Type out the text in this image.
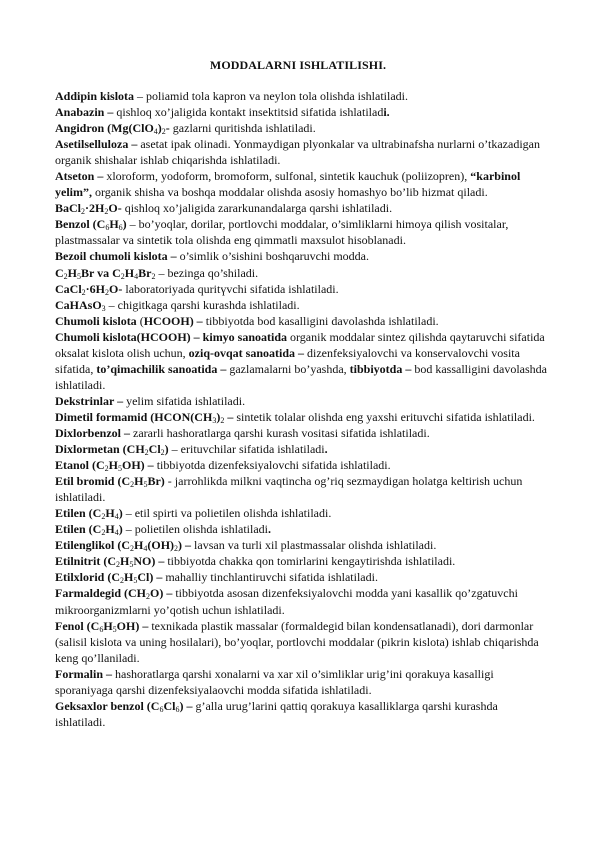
MODDALARNI ISHLATILISHI.

Addipin kislota – poliamid tola kapron va neylon tola olishda ishlatiladi.

Anabazin – qishloq xo’jaligida kontakt insektitsid sifatida ishlatiladi.

Angidron ($Mg(ClO_4)_2-$ gazlarni quritishda ishlatiladi.

Asetilselluloza – asetat ipak olinadi. Yonmaydigan plyonkalar va ultrabinafsha nurlarni o’tkazadigan organik shishalar ishlab chiqarishda ishlatiladi.

Atseton – xloroform, yodoform, bromoform, sulfonal, sintetik kauchuk (poliizopren), “karbinol yelim”, organik shisha va boshqa moddalar olishda asosiy homashyo bo’lib hizmat qiladi.

$BaCl_2\cdot 2H_2O-$ qishloq xo’jaligida zararkunandalarga qarshi ishlatiladi.

Benzol $(C_6H_6)$ – bo’yoqlar, dorilar, portlovchi moddalar, o’simliklarni himoya qilish vositalar, plastmassalar va sintetik tola olishda eng qimmatli maxsulot hisoblanadi.

Bezoil chumoli kislota – o’simlik o’sishini boshqaruvchi modda.

$C_2H_5Br$ va $C_2H_4Br_2$ – bezinga qo’shiladi.

$CaCl_2\cdot 6H_2O-$ laboratoriyada quritүvchi sifatida ishlatiladi.

CaHAsO$_3$ – chigitkaga qarshi kurashda ishlatiladi.

Chumoli kislota (HCOOH) – tibbiyotda bod kasalligini davolashda ishlatiladi.

Chumoli kislota(HCOOH) – kimyo sanoatida organik moddalar sintez qilishda qaytaruvchi sifatida oksalat kislota olish uchun, oziq-ovqat sanoatida – dizenfeksiyalovchi va konservalovchi vosita sifatida, to’qimachilik sanoatida – gazlamalarni bo’yashda, tibbiyotda – bod kassalligini davolashda ishlatiladi.

Dekstrinlar – yelim sifatida ishlatiladi.

Dimetil formamid ($HCON(CH_3)_2$ – sintetik tolalar olishda eng yaxshi erituvchi sifatida ishlatiladi.

Dixlorbenzol – zararli hashoratlarga qarshi kurash vositasi sifatida ishlatiladi.

Dixlormetan $(CH_2Cl_2)$ – erituvchilar sifatida ishlatiladi.

Etanol $(C_2H_5OH)$ – tibbiyotda dizenfeksiyalovchi sifatida ishlatiladi.

Etil bromid $(C_2H_5Br)$ - jarrohlikda milkni vaqtincha og’riq sezmaydigan holatga keltirish uchun ishlatiladi.

Etilen $(C_2H_4)$ – etil spirti va polietilen olishda ishlatiladi.

Etilen $(C_2H_4)$ – polietilen olishda ishlatiladi.

Etilenglikol $(C_2H_4(OH)_2)$ – lavsan va turli xil plastmassalar olishda ishlatiladi.

Etilnitrit $(C_2H_5NO)$ – tibbiyotda chakka qon tomirlarini kengaytirishda ishlatiladi.

Etilxlorid $(C_2H_5Cl)$ – mahalliy tinchlantiruvchi sifatida ishlatiladi.

Farmaldegid $(CH_2O)$ – tibbiyotda asosan dizenfeksiyalovchi modda yani kasallik qo’zgatuvchi mikroorganizmlarni yo’qotish uchun ishlatiladi.

Fenol $(C_6H_5OH)$ – texnikada plastik massalar (formaldegid bilan kondensatlanadi), dori darmonlar (salisil kislota va uning hosilalari), bo’yoqlar, portlovchi moddalar (pikrin kislota) ishlab chiqarishda keng qo’llaniladi.

Formalin – hashoratlarga qarshi xonalarni va xar xil o’simliklar urig’ini qorakuya kasalligi sporaniyaga qarshi dizenfeksiyalaovchi modda sifatida ishlatiladi.

Geksaxlor benzol $(C_6Cl_6)$ – g’alla urug’larini qattiq qorakuya kasalliklarga qarshi kurashda ishlatiladi.
